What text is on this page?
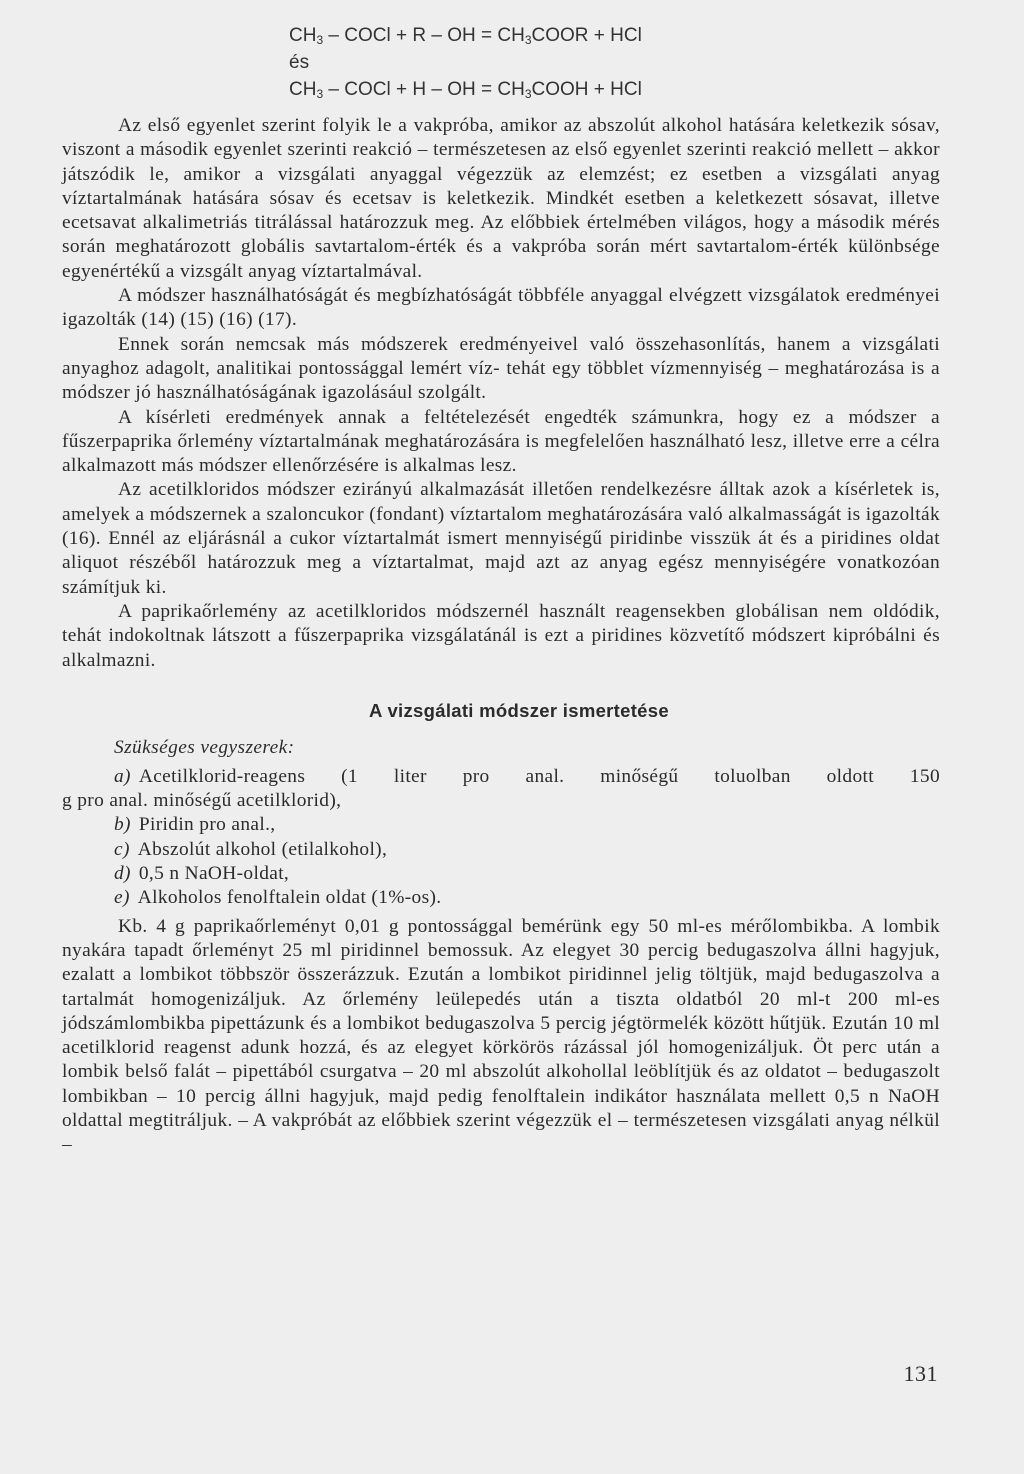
$CH_3$ – COCl + R – OH = $CH_3COOR$ + HCl
és
$CH_3$ – COCl + H – OH = $CH_3COOH$ + HCl

Az első egyenlet szerint folyik le a vakpróba, amikor az abszolút alkohol hatására keletkezik sósav, viszont a második egyenlet szerinti reakció – természetesen az első egyenlet szerinti reakció mellett – akkor játszódik le, amikor a vizsgálati anyaggal végezzük az elemzést; ez esetben a vizsgálati anyag víztartalmának hatására sósav és ecetsav is keletkezik. Mindkét esetben a keletkezett sósavat, illetve ecetsavat alkalimetriás titrálással határozzuk meg. Az előbbiek értelmében világos, hogy a második mérés során meghatározott globális savtartalom-érték és a vakpróba során mért savtartalom-érték különbsége egyenértékű a vizsgált anyag víztartalmával.

A módszer használhatóságát és megbízhatóságát többféle anyaggal elvégzett vizsgálatok eredményei igazolták (14) (15) (16) (17).

Ennek során nemcsak más módszerek eredményeivel való összehasonlítás, hanem a vizsgálati anyaghoz adagolt, analitikai pontossággal lemért víz- tehát egy többlet vízmennyiség – meghatározása is a módszer jó használhatóságának igazolásául szolgált.

A kísérleti eredmények annak a feltételezését engedték számunkra, hogy ez a módszer a fűszerpaprika őrlemény víztartalmának meghatározására is megfelelően használható lesz, illetve erre a célra alkalmazott más módszer ellenőrzésére is alkalmas lesz.

Az acetilkloridos módszer ezirányú alkalmazását illetően rendelkezésre álltak azok a kísérletek is, amelyek a módszernek a szaloncukor (fondant) víztartalom meghatározására való alkalmasságát is igazolták (16). Ennél az eljárásnál a cukor víztartalmát ismert mennyiségű piridinbe visszük át és a piridines oldat aliquot részéből határozzuk meg a víztartalmat, majd azt az anyag egész mennyiségére vonatkozóan számítjuk ki.

A paprikaőrlemény az acetilkloridos módszernél használt reagensekben globálisan nem oldódik, tehát indokoltnak látszott a fűszerpaprika vizsgálatánál is ezt a piridines közvetítő módszert kipróbálni és alkalmazni.

A vizsgálati módszer ismertetése
Szükséges vegyszerek:
a) Acetilklorid-reagens (1 liter pro anal. minőségű toluolban oldott 150
g pro anal. minőségű acetilklorid),
b) Piridin pro anal.,
c) Abszolút alkohol (etilalkohol),
d) 0,5 n NaOH-oldat,
e) Alkoholos fenolftalein oldat (1%-os).

Kb. 4 g paprikaőrleményt 0,01 g pontossággal bemérünk egy 50 ml-es mérőlombikba. A lombik nyakára tapadt őrleményt 25 ml piridinnel bemossuk. Az elegyet 30 percig bedugaszolva állni hagyjuk, ezalatt a lombikot többször összerázzuk. Ezután a lombikot piridinnel jelig töltjük, majd bedugaszolva a tartalmát homogenizáljuk. Az őrlemény leülepedés után a tiszta oldatból 20 ml-t 200 ml-es jódszámlombikba pipettázunk és a lombikot bedugaszolva 5 percig jégtörmelék között hűtjük. Ezután 10 ml acetilklorid reagenst adunk hozzá, és az elegyet körkörös rázással jól homogenizáljuk. Öt perc után a lombik belső falát – pipettából csurgatva – 20 ml abszolút alkohollal leöblítjük és az oldatot – bedugaszolt lombikban – 10 percig állni hagyjuk, majd pedig fenolftalein indikátor használata mellett 0,5 n NaOH oldattal megtitráljuk. – A vakpróbát az előbbiek szerint végezzük el – természetesen vizsgálati anyag nélkül –

131
